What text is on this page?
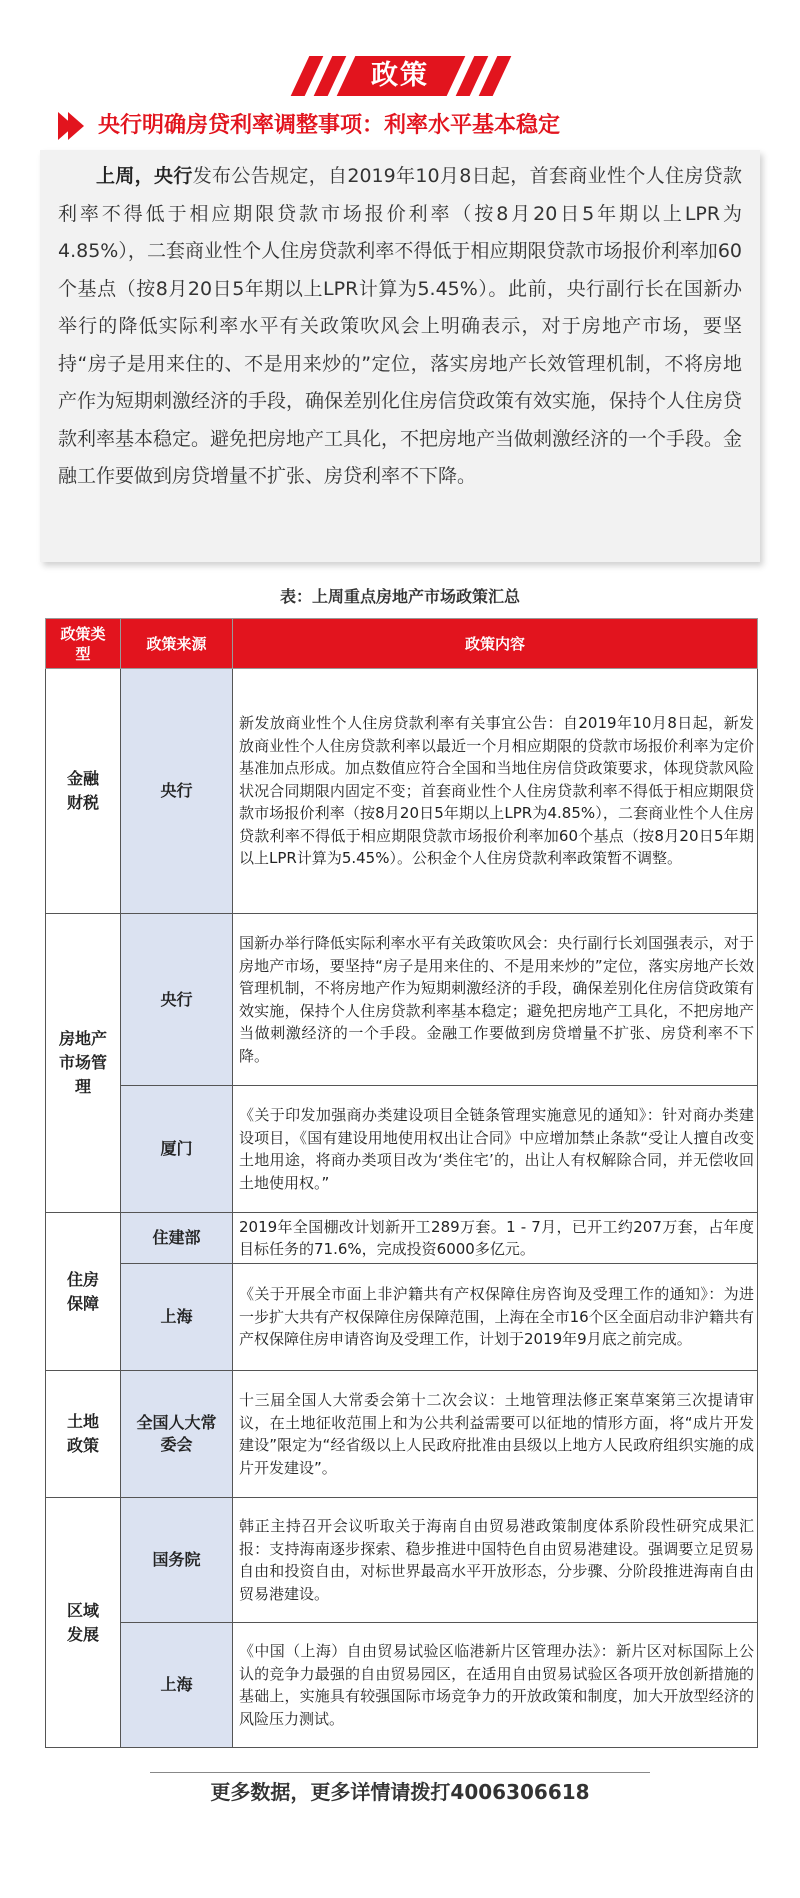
政策
央行明确房贷利率调整事项：利率水平基本稳定

上周，央行发布公告规定，自2019年10月8日起，首套商业性个人住房贷款利率不得低于相应期限贷款市场报价利率（按8月20日5年期以上LPR为4.85%），二套商业性个人住房贷款利率不得低于相应期限贷款市场报价利率加60个基点（按8月20日5年期以上LPR计算为5.45%）。此前，央行副行长在国新办举行的降低实际利率水平有关政策吹风会上明确表示，对于房地产市场，要坚持“房子是用来住的、不是用来炒的”定位，落实房地产长效管理机制，不将房地产作为短期刺激经济的手段，确保差别化住房信贷政策有效实施，保持个人住房贷款利率基本稳定。避免把房地产工具化，不把房地产当做刺激经济的一个手段。金融工作要做到房贷增量不扩张、房贷利率不下降。

表：上周重点房地产市场政策汇总
政策类型	政策来源	政策内容

金融财税	央行	新发放商业性个人住房贷款利率有关事宜公告：自2019年10月8日起，新发放商业性个人住房贷款利率以最近一个月相应期限的贷款市场报价利率为定价基准加点形成。加点数值应符合全国和当地住房信贷政策要求，体现贷款风险状况合同期限内固定不变；首套商业性个人住房贷款利率不得低于相应期限贷款市场报价利率（按8月20日5年期以上LPR为4.85%），二套商业性个人住房贷款利率不得低于相应期限贷款市场报价利率加60个基点（按8月20日5年期以上LPR计算为5.45%）。公积金个人住房贷款利率政策暂不调整。

房地产市场管理	央行	国新办举行降低实际利率水平有关政策吹风会：央行副行长刘国强表示，对于房地产市场，要坚持“房子是用来住的、不是用来炒的”定位，落实房地产长效管理机制，不将房地产作为短期刺激经济的手段，确保差别化住房信贷政策有效实施，保持个人住房贷款利率基本稳定；避免把房地产工具化，不把房地产当做刺激经济的一个手段。金融工作要做到房贷增量不扩张、房贷利率不下降。
	厦门	《关于印发加强商办类建设项目全链条管理实施意见的通知》：针对商办类建设项目，《国有建设用地使用权出让合同》中应增加禁止条款“受让人擅自改变土地用途，将商办类项目改为‘类住宅’的，出让人有权解除合同，并无偿收回土地使用权。”

住房保障	住建部	2019年全国棚改计划新开工289万套。1 - 7月，已开工约207万套，占年度目标任务的71.6%，完成投资6000多亿元。
	上海	《关于开展全市面上非沪籍共有产权保障住房咨询及受理工作的通知》：为进一步扩大共有产权保障住房保障范围，上海在全市16个区全面启动非沪籍共有产权保障住房申请咨询及受理工作，计划于2019年9月底之前完成。

土地政策	全国人大常委会	十三届全国人大常委会第十二次会议：土地管理法修正案草案第三次提请审议，在土地征收范围上和为公共利益需要可以征地的情形方面，将“成片开发建设”限定为“经省级以上人民政府批准由县级以上地方人民政府组织实施的成片开发建设”。

区域发展	国务院	韩正主持召开会议听取关于海南自由贸易港政策制度体系阶段性研究成果汇报：支持海南逐步探索、稳步推进中国特色自由贸易港建设。强调要立足贸易自由和投资自由，对标世界最高水平开放形态，分步骤、分阶段推进海南自由贸易港建设。
	上海	《中国（上海）自由贸易试验区临港新片区管理办法》：新片区对标国际上公认的竞争力最强的自由贸易园区，在适用自由贸易试验区各项开放创新措施的基础上，实施具有较强国际市场竞争力的开放政策和制度，加大开放型经济的风险压力测试。
更多数据，更多详情请拨打4006306618
